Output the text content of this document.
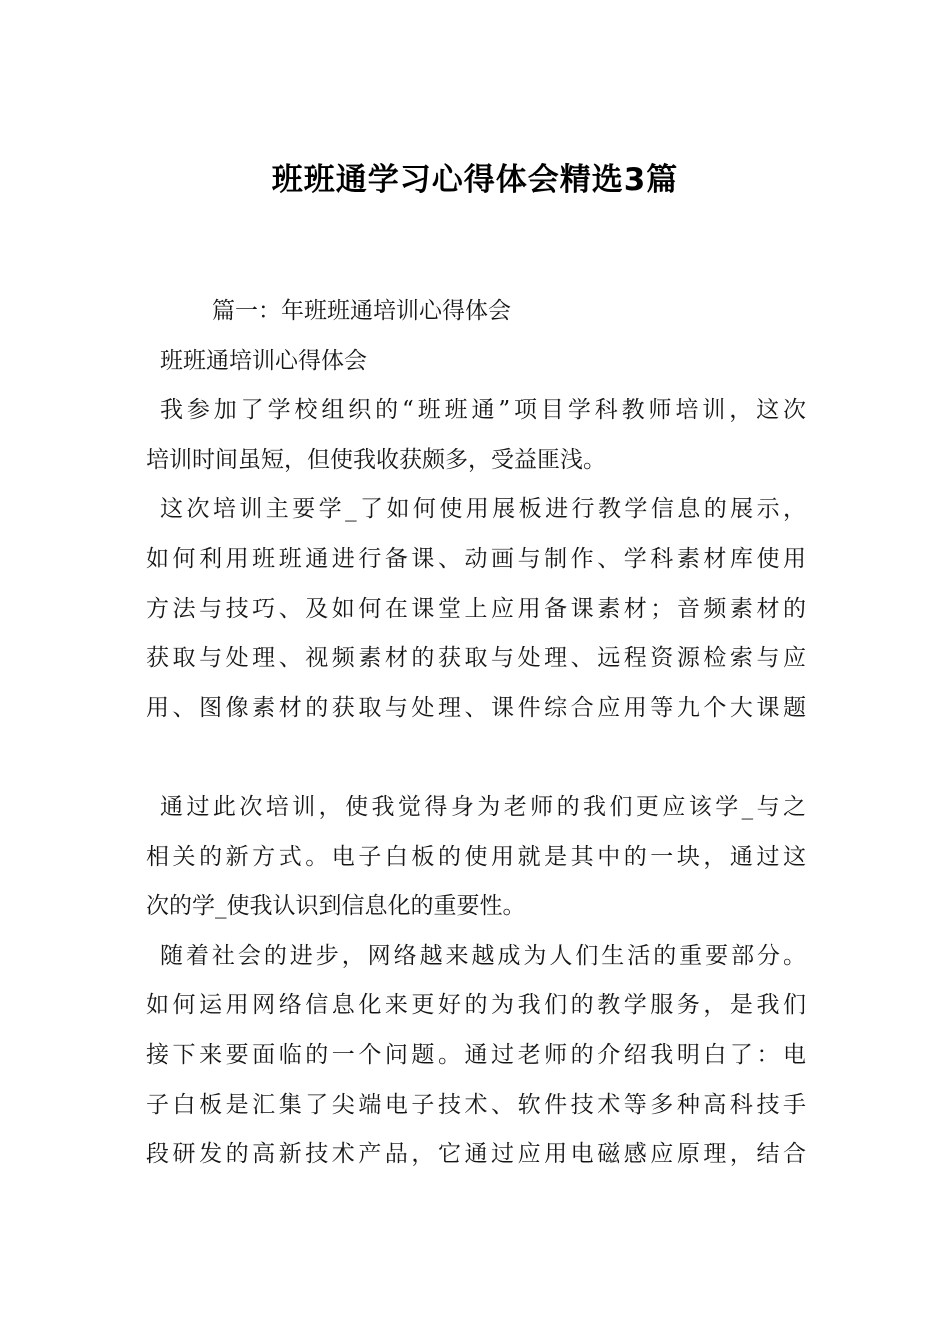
班班通学习心得体会精选3篇
篇一：年班班通培训心得体会
班班通培训心得体会
我参加了学校组织的“班班通”项目学科教师培训，这次
培训时间虽短，但使我收获颇多，受益匪浅。
这次培训主要学_了如何使用展板进行教学信息的展示，
如何利用班班通进行备课、动画与制作、学科素材库使用
方法与技巧、及如何在课堂上应用备课素材；音频素材的
获取与处理、视频素材的获取与处理、远程资源检索与应
用、图像素材的获取与处理、课件综合应用等九个大课题
通过此次培训，使我觉得身为老师的我们更应该学_与之
相关的新方式。电子白板的使用就是其中的一块，通过这
次的学_使我认识到信息化的重要性。
随着社会的进步，网络越来越成为人们生活的重要部分。
如何运用网络信息化来更好的为我们的教学服务，是我们
接下来要面临的一个问题。通过老师的介绍我明白了：电
子白板是汇集了尖端电子技术、软件技术等多种高科技手
段研发的高新技术产品，它通过应用电磁感应原理，结合
